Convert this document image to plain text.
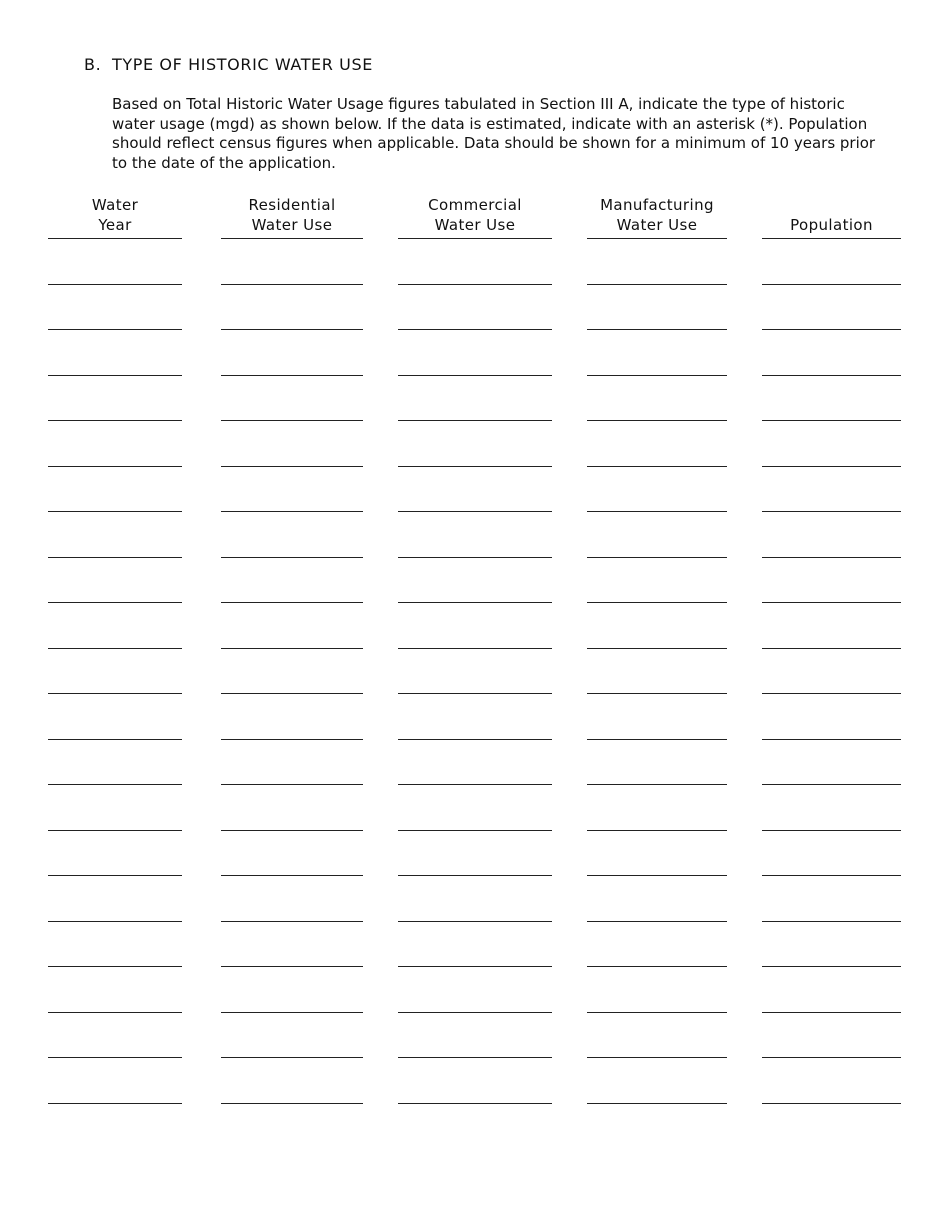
B. TYPE OF HISTORIC WATER USE

Based on Total Historic Water Usage figures tabulated in Section III A, indicate the type of historic

water usage (mgd) as shown below. If the data is estimated, indicate with an asterisk (*). Population

should reflect census figures when applicable. Data should be shown for a minimum of 10 years prior

to the date of the application.

Water
Year
Residential
Water Use
Commercial
Water Use
Manufacturing
Water Use	Population
